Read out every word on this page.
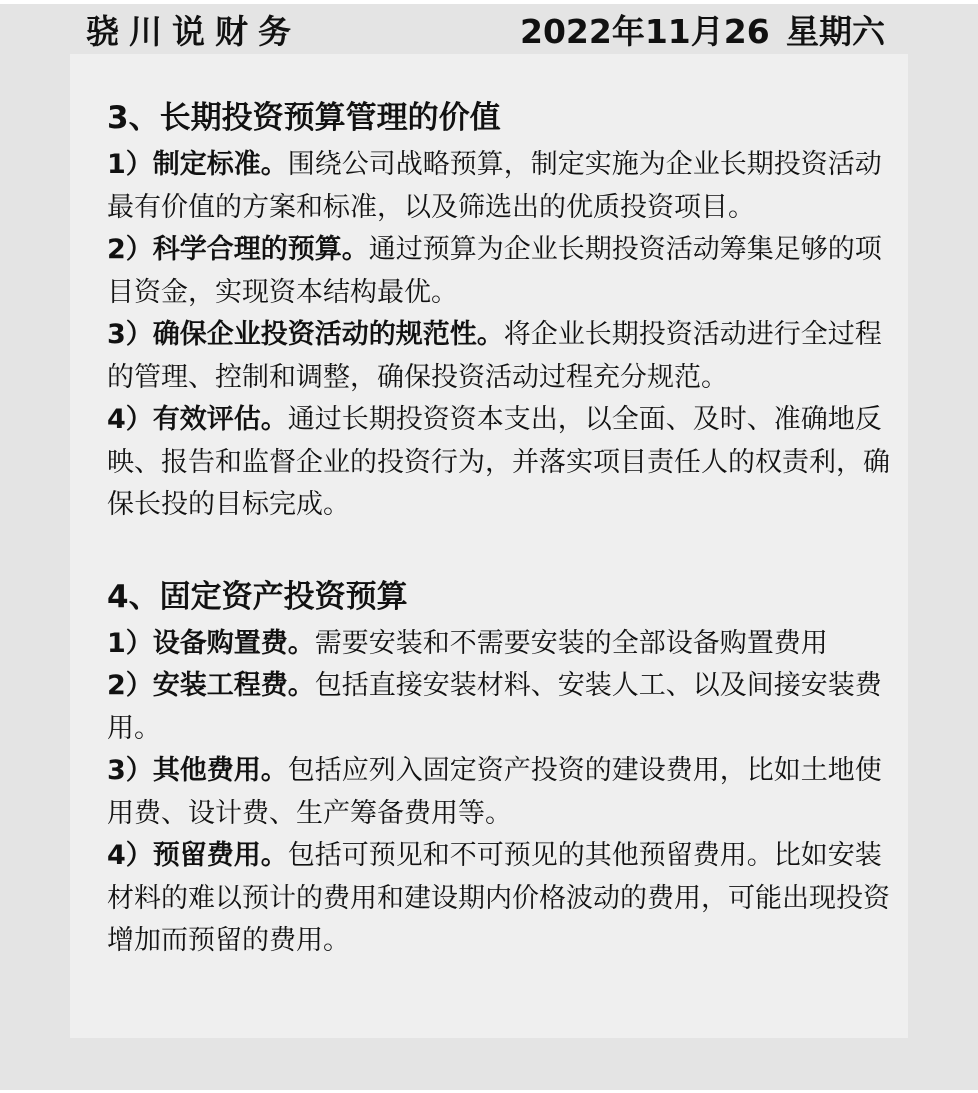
骁川说财务	2022年11月26 星期六
3、长期投资预算管理的价值

1）制定标准。围绕公司战略预算，制定实施为企业长期投资活动最有价值的方案和标准，以及筛选出的优质投资项目。

2）科学合理的预算。通过预算为企业长期投资活动筹集足够的项目资金，实现资本结构最优。

3）确保企业投资活动的规范性。将企业长期投资活动进行全过程的管理、控制和调整，确保投资活动过程充分规范。

4）有效评估。通过长期投资资本支出，以全面、及时、准确地反映、报告和监督企业的投资行为，并落实项目责任人的权责利，确保长投的目标完成。

4、固定资产投资预算

1）设备购置费。需要安装和不需要安装的全部设备购置费用

2）安装工程费。包括直接安装材料、安装人工、以及间接安装费用。

3）其他费用。包括应列入固定资产投资的建设费用，比如土地使用费、设计费、生产筹备费用等。

4）预留费用。包括可预见和不可预见的其他预留费用。比如安装材料的难以预计的费用和建设期内价格波动的费用，可能出现投资增加而预留的费用。
